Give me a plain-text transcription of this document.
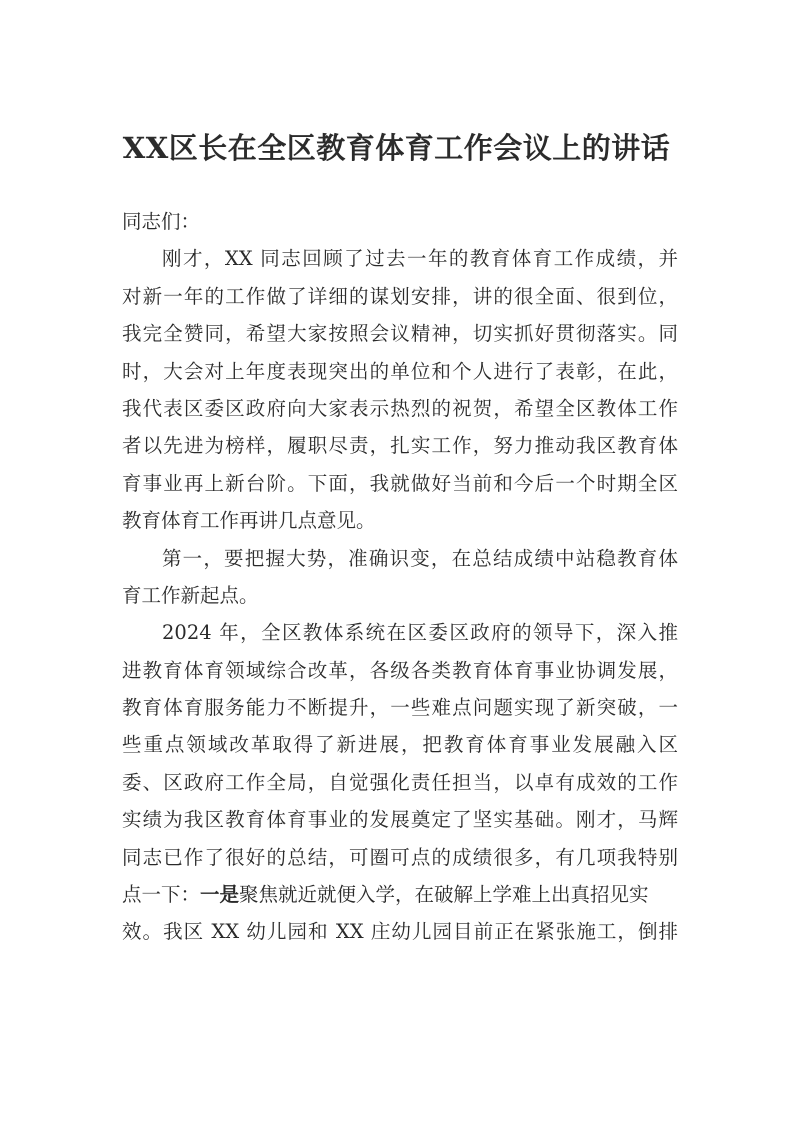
XX区长在全区教育体育工作会议上的讲话
同志们：
刚才，XX 同志回顾了过去一年的教育体育工作成绩，并
对新一年的工作做了详细的谋划安排，讲的很全面、很到位，
我完全赞同，希望大家按照会议精神，切实抓好贯彻落实。同
时，大会对上年度表现突出的单位和个人进行了表彰，在此，
我代表区委区政府向大家表示热烈的祝贺，希望全区教体工作
者以先进为榜样，履职尽责，扎实工作，努力推动我区教育体
育事业再上新台阶。下面，我就做好当前和今后一个时期全区
教育体育工作再讲几点意见。
第一，要把握大势，准确识变，在总结成绩中站稳教育体
育工作新起点。
2024 年，全区教体系统在区委区政府的领导下，深入推
进教育体育领域综合改革，各级各类教育体育事业协调发展，
教育体育服务能力不断提升，一些难点问题实现了新突破，一
些重点领域改革取得了新进展，把教育体育事业发展融入区
委、区政府工作全局，自觉强化责任担当，以卓有成效的工作
实绩为我区教育体育事业的发展奠定了坚实基础。刚才，马辉
同志已作了很好的总结，可圈可点的成绩很多，有几项我特别
点一下：一是聚焦就近就便入学，在破解上学难上出真招见实
效。我区 XX 幼儿园和 XX 庄幼儿园目前正在紧张施工，倒排
